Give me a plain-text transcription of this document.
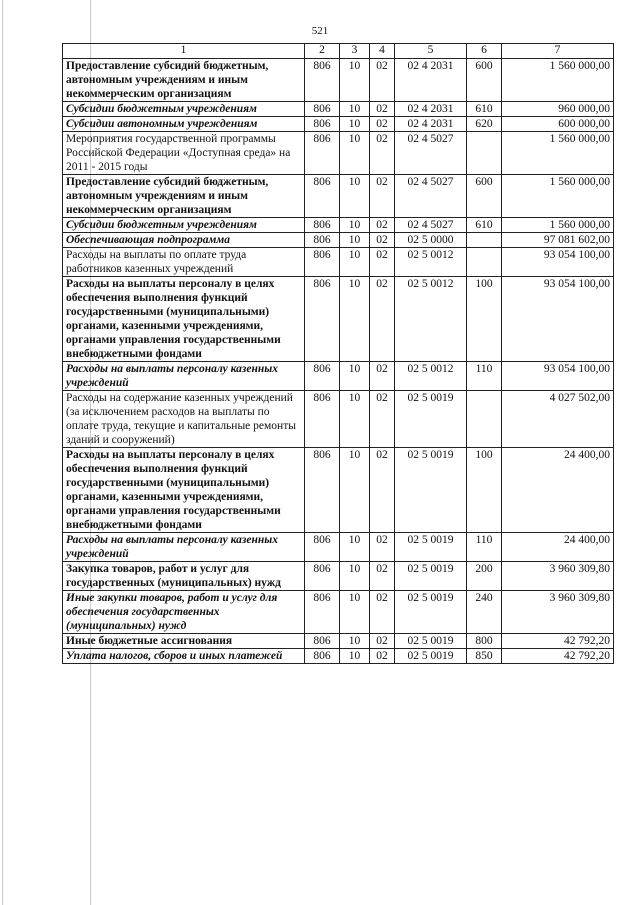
521
1	2	3	4	5	6	7
Предоставление субсидий бюджетным, автономным учреждениям и иным некоммерческим организациям	806	10	02	02 4 2031	600	1 560 000,00
Субсидии бюджетным учреждениям	806	10	02	02 4 2031	610	960 000,00
Субсидии автономным учреждениям	806	10	02	02 4 2031	620	600 000,00
Мероприятия государственной программы Российской Федерации «Доступная среда» на 2011 - 2015 годы	806	10	02	02 4 5027		1 560 000,00
Предоставление субсидий бюджетным, автономным учреждениям и иным некоммерческим организациям	806	10	02	02 4 5027	600	1 560 000,00
Субсидии бюджетным учреждениям	806	10	02	02 4 5027	610	1 560 000,00
Обеспечивающая подпрограмма	806	10	02	02 5 0000		97 081 602,00
Расходы на выплаты по оплате труда работников казенных учреждений	806	10	02	02 5 0012		93 054 100,00
Расходы на выплаты персоналу в целях обеспечения выполнения функций государственными (муниципальными) органами, казенными учреждениями, органами управления государственными внебюджетными фондами	806	10	02	02 5 0012	100	93 054 100,00
Расходы на выплаты персоналу казенных учреждений	806	10	02	02 5 0012	110	93 054 100,00
Расходы на содержание казенных учреждений (за исключением расходов на выплаты по оплате труда, текущие и капитальные ремонты зданий и сооружений)	806	10	02	02 5 0019		4 027 502,00
Расходы на выплаты персоналу в целях обеспечения выполнения функций государственными (муниципальными) органами, казенными учреждениями, органами управления государственными внебюджетными фондами	806	10	02	02 5 0019	100	24 400,00
Расходы на выплаты персоналу казенных учреждений	806	10	02	02 5 0019	110	24 400,00
Закупка товаров, работ и услуг для государственных (муниципальных) нужд	806	10	02	02 5 0019	200	3 960 309,80
Иные закупки товаров, работ и услуг для обеспечения государственных (муниципальных) нужд	806	10	02	02 5 0019	240	3 960 309,80
Иные бюджетные ассигнования	806	10	02	02 5 0019	800	42 792,20
Уплата налогов, сборов и иных платежей	806	10	02	02 5 0019	850	42 792,20
